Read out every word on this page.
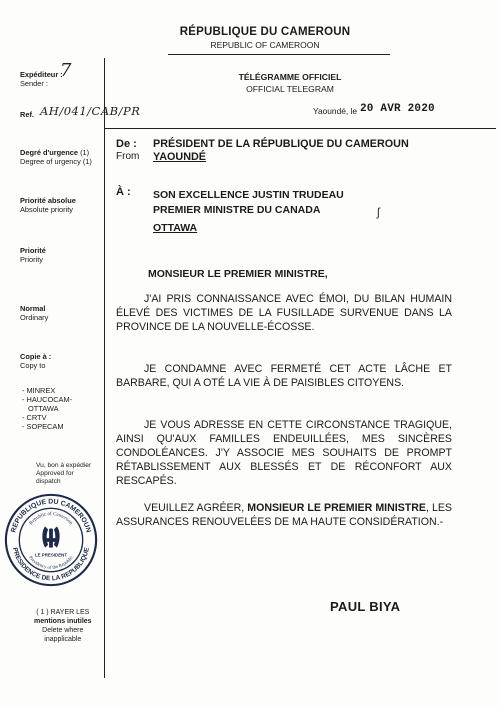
RÉPUBLIQUE DU CAMEROUN
REPUBLIC OF CAMEROON
Expéditeur :
Sender :
7
Ref. AH/041/CAB/PR
Degré d'urgence (1)
Degree of urgency (1)
Priorité absolue
Absolute priority
Priorité
Priority
Normal
Ordinary
Copie à :
Copy to
- MINREX
- HAUCOCAM-
OTTAWA
- CRTV
- SOPECAM
Vu, bon à expédier
Approved for
dispatch
REPUBLIQUE DU CAMEROUN
PRESIDENCE DE LA REPUBLIQUE
Republic of Cameroon
Presidency of the Republic
LE PRESIDENT
( 1 ) RAYER LES
mentions inutiles
Delete where
inapplicable
TÉLÉGRAMME OFFICIEL
OFFICIAL TELEGRAM
Yaoundé, le 20 AVR 2020
De :
From
PRÉSIDENT DE LA RÉPUBLIQUE DU CAMEROUN
YAOUNDÉ
À : SON EXCELLENCE JUSTIN TRUDEAU
PREMIER MINISTRE DU CANADA
OTTAWA
ʃ
MONSIEUR LE PREMIER MINISTRE,
J'AI PRIS CONNAISSANCE AVEC ÉMOI, DU BILAN HUMAIN ÉLEVÉ DES VICTIMES DE LA FUSILLADE SURVENUE DANS LA PROVINCE DE LA NOUVELLE-ÉCOSSE.
JE CONDAMNE AVEC FERMETÉ CET ACTE LÂCHE ET BARBARE, QUI A OTÉ LA VIE À DE PAISIBLES CITOYENS.
JE VOUS ADRESSE EN CETTE CIRCONSTANCE TRAGIQUE, AINSI QU'AUX FAMILLES ENDEUILLÉES, MES SINCÈRES CONDOLÉANCES. J'Y ASSOCIE MES SOUHAITS DE PROMPT RÉTABLISSEMENT AUX BLESSÉS ET DE RÉCONFORT AUX RESCAPÉS.
VEUILLEZ AGRÉER, MONSIEUR LE PREMIER MINISTRE, LES ASSURANCES RENOUVELÉES DE MA HAUTE CONSIDÉRATION.-
PAUL BIYA
